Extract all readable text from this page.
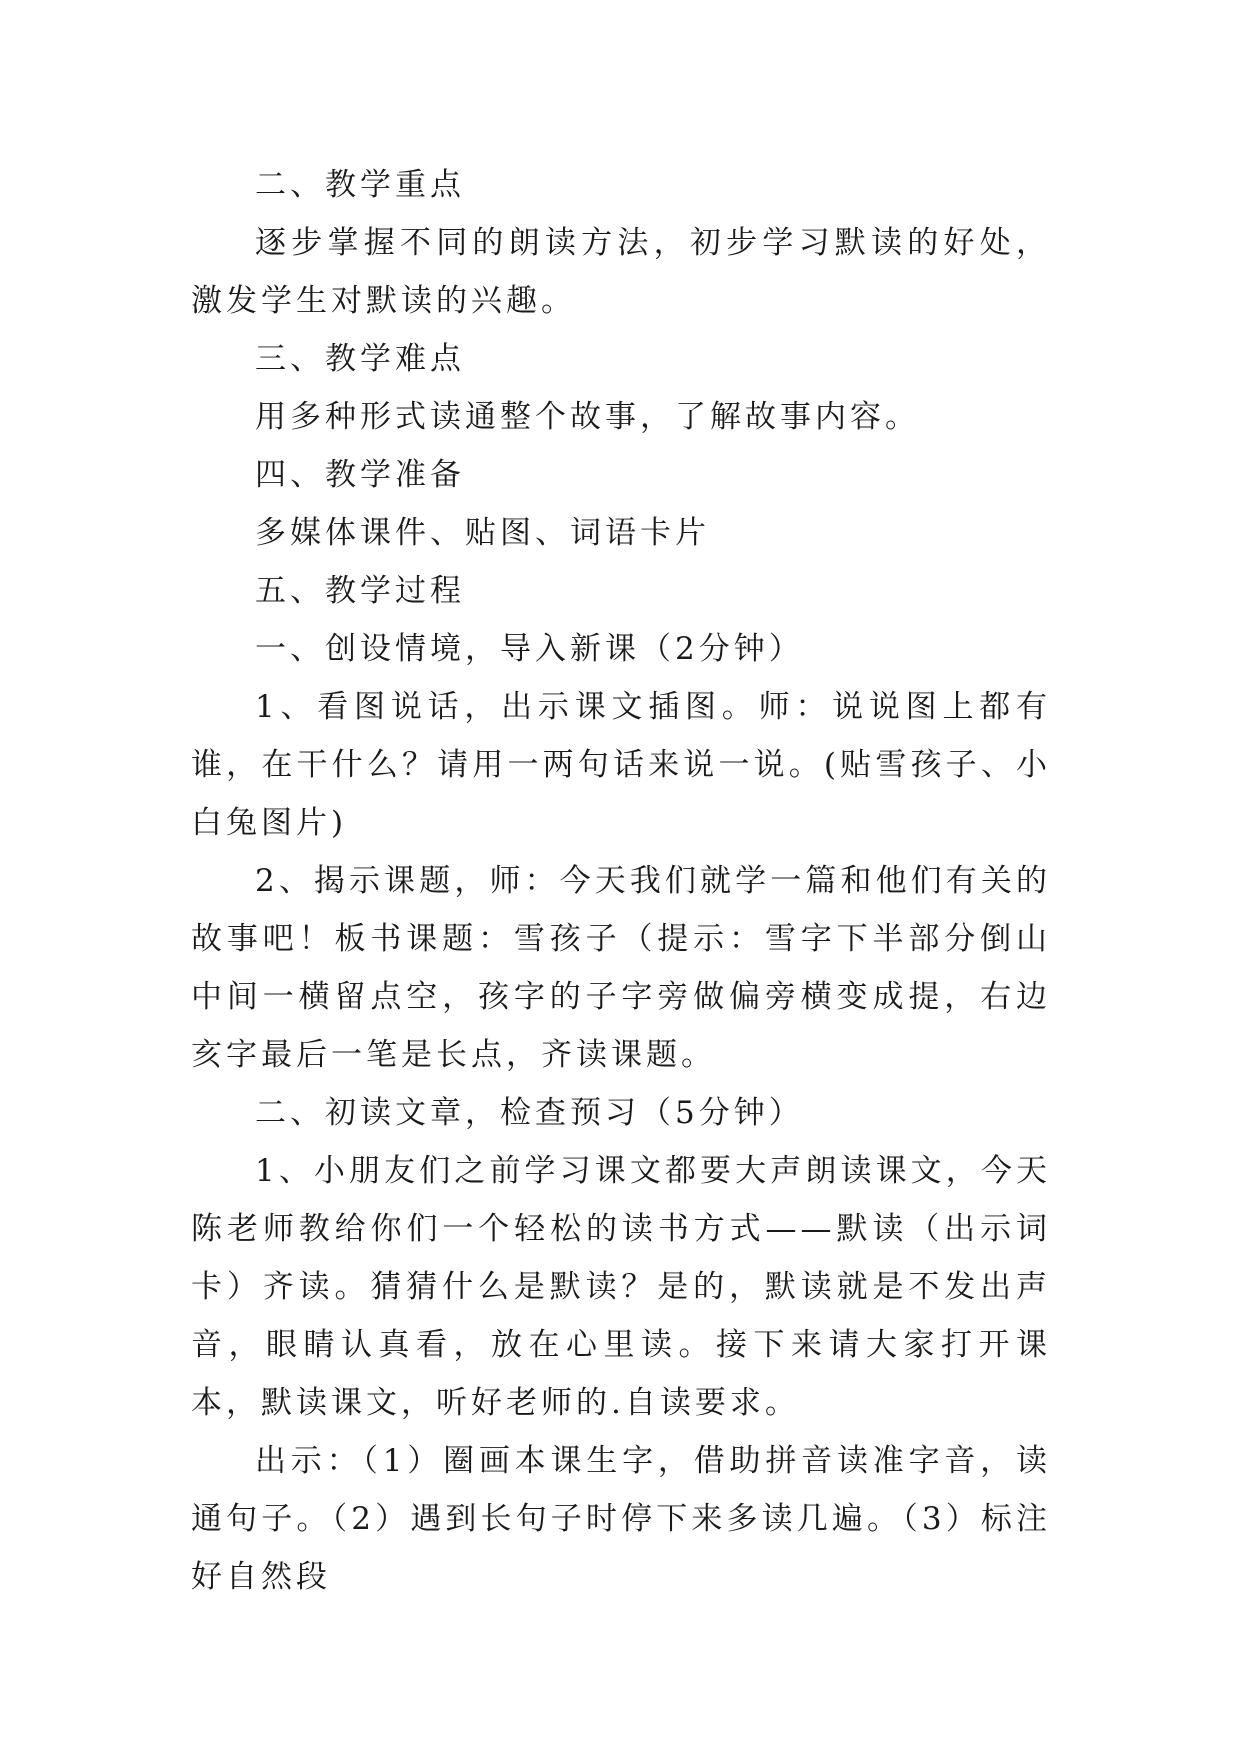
二、教学重点

逐步掌握不同的朗读方法，初步学习默读的好处，激发学生对默读的兴趣。

三、教学难点

用多种形式读通整个故事，了解故事内容。

四、教学准备

多媒体课件、贴图、词语卡片

五、教学过程

一、创设情境，导入新课（2分钟）

1、看图说话，出示课文插图。师：说说图上都有谁，在干什么？请用一两句话来说一说。(贴雪孩子、小白兔图片)

2、揭示课题，师：今天我们就学一篇和他们有关的故事吧！板书课题：雪孩子（提示：雪字下半部分倒山中间一横留点空，孩字的子字旁做偏旁横变成提，右边亥字最后一笔是长点，齐读课题。

二、初读文章，检查预习（5分钟）

1、小朋友们之前学习课文都要大声朗读课文，今天陈老师教给你们一个轻松的读书方式——默读（出示词卡）齐读。猜猜什么是默读？是的，默读就是不发出声音，眼睛认真看，放在心里读。接下来请大家打开课本，默读课文，听好老师的.自读要求。

出示：（1）圈画本课生字，借助拼音读准字音，读通句子。（2）遇到长句子时停下来多读几遍。（3）标注好自然段
